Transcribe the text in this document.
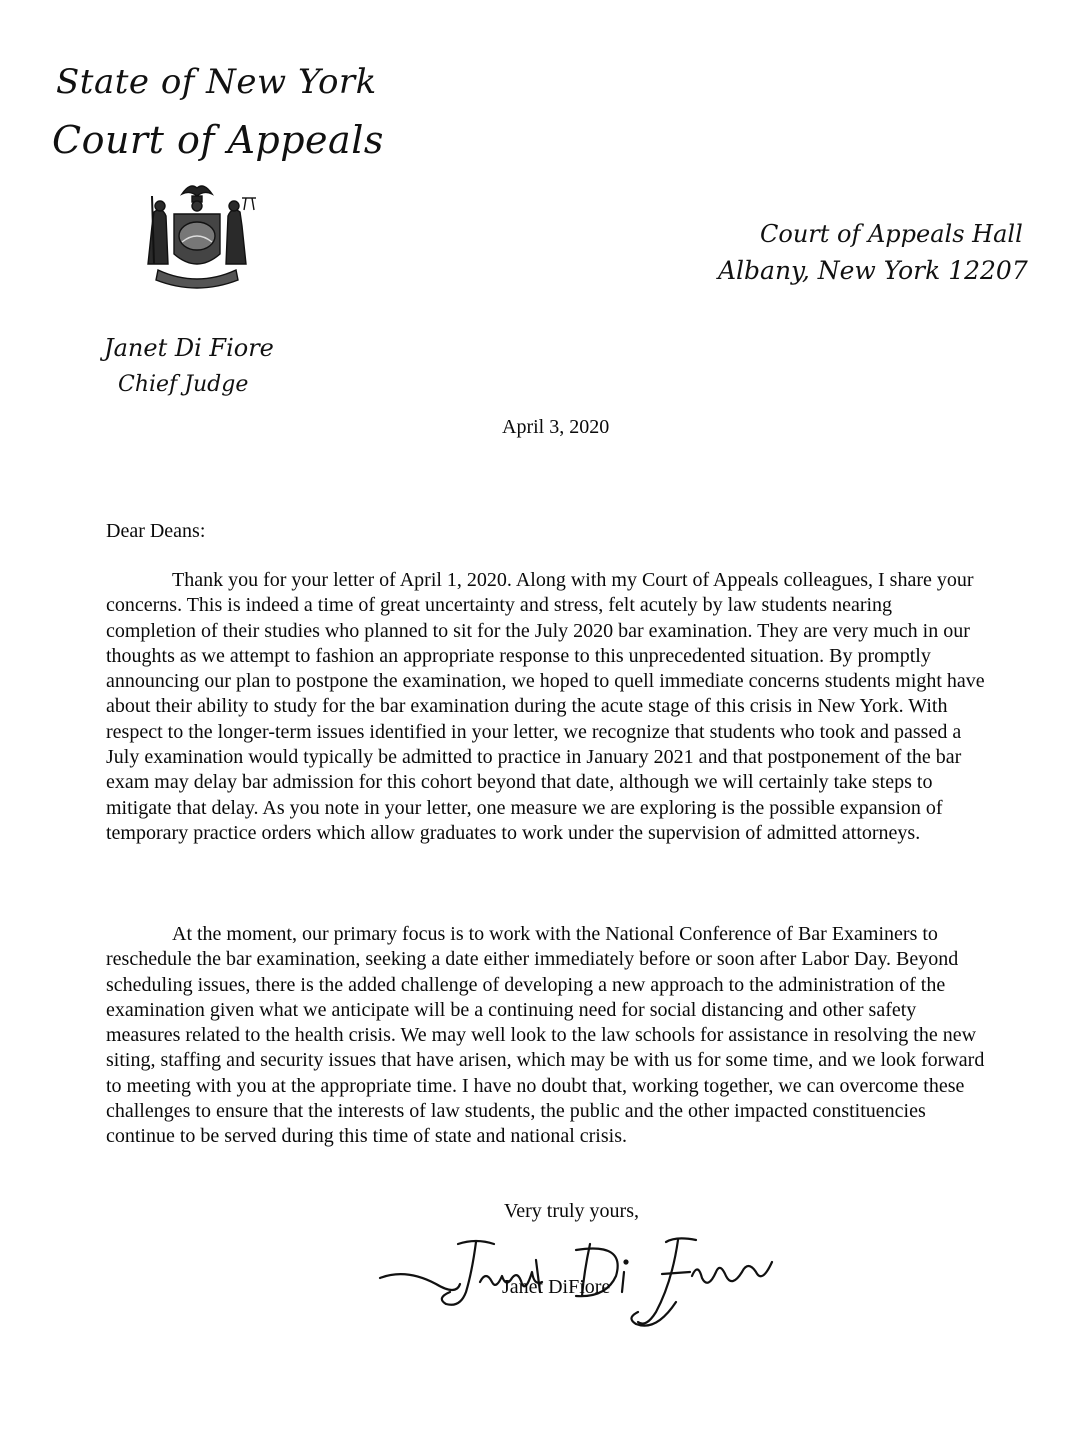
State of New York
Court of Appeals
Court of Appeals Hall
Albany, New York 12207
Janet Di Fiore
Chief Judge
April 3, 2020
Dear Deans:
Thank you for your letter of April 1, 2020. Along with my Court of Appeals colleagues, I share your concerns. This is indeed a time of great uncertainty and stress, felt acutely by law students nearing completion of their studies who planned to sit for the July 2020 bar examination. They are very much in our thoughts as we attempt to fashion an appropriate response to this unprecedented situation. By promptly announcing our plan to postpone the examination, we hoped to quell immediate concerns students might have about their ability to study for the bar examination during the acute stage of this crisis in New York. With respect to the longer-term issues identified in your letter, we recognize that students who took and passed a July examination would typically be admitted to practice in January 2021 and that postponement of the bar exam may delay bar admission for this cohort beyond that date, although we will certainly take steps to mitigate that delay. As you note in your letter, one measure we are exploring is the possible expansion of temporary practice orders which allow graduates to work under the supervision of admitted attorneys.
At the moment, our primary focus is to work with the National Conference of Bar Examiners to reschedule the bar examination, seeking a date either immediately before or soon after Labor Day. Beyond scheduling issues, there is the added challenge of developing a new approach to the administration of the examination given what we anticipate will be a continuing need for social distancing and other safety measures related to the health crisis. We may well look to the law schools for assistance in resolving the new siting, staffing and security issues that have arisen, which may be with us for some time, and we look forward to meeting with you at the appropriate time. I have no doubt that, working together, we can overcome these challenges to ensure that the interests of law students, the public and the other impacted constituencies continue to be served during this time of state and national crisis.
Very truly yours,
Janet DiFiore
